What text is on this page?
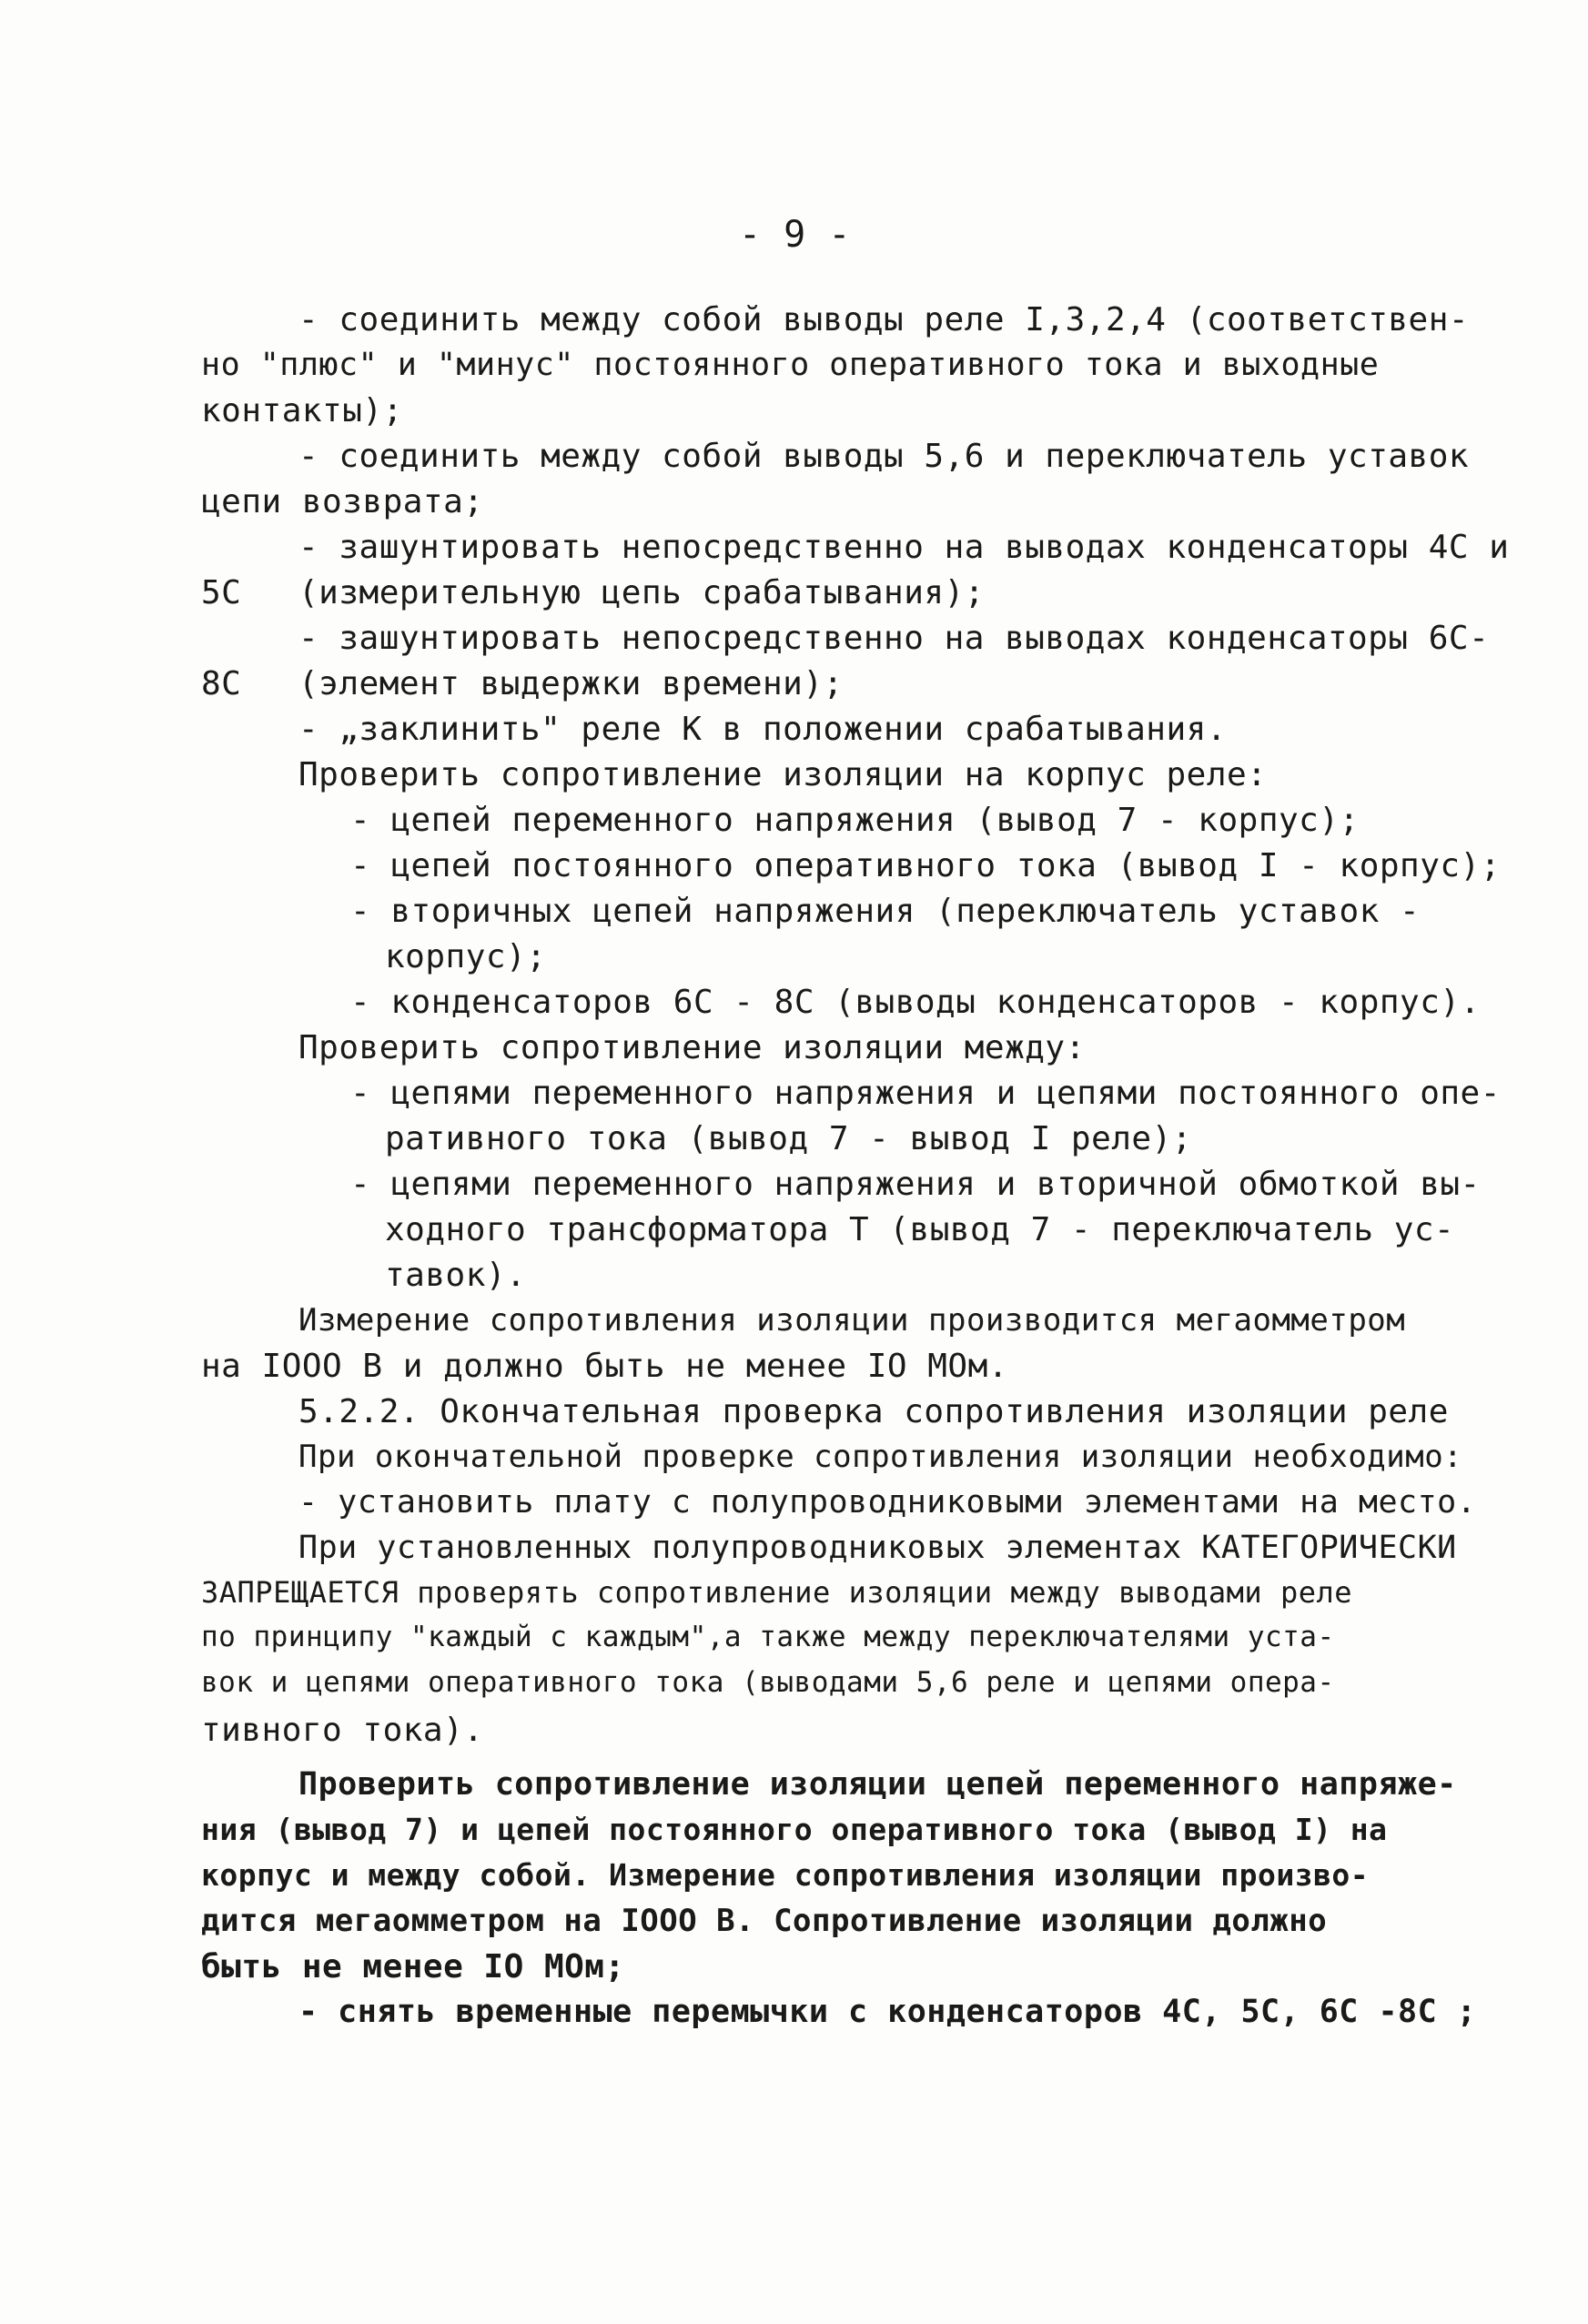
- 9 -
- соединить между собой выводы реле I,3,2,4 (соответствен-
но "плюс" и "минус" постоянного оперативного тока и выходные
контакты);
- соединить между собой выводы 5,6 и переключатель уставок
цепи возврата;
- зашунтировать непосредственно на выводах конденсаторы 4С и
5С (измерительную цепь срабатывания);
- зашунтировать непосредственно на выводах конденсаторы 6С-
8С (элемент выдержки времени);
- „заклинить" реле К в положении срабатывания.
Проверить сопротивление изоляции на корпус реле:
- цепей переменного напряжения (вывод 7 - корпус);
- цепей постоянного оперативного тока (вывод I - корпус);
- вторичных цепей напряжения (переключатель уставок -
корпус);
- конденсаторов 6С - 8С (выводы конденсаторов - корпус).
Проверить сопротивление изоляции между:
- цепями переменного напряжения и цепями постоянного опе-
ративного тока (вывод 7 - вывод I реле);
- цепями переменного напряжения и вторичной обмоткой вы-
ходного трансформатора Т (вывод 7 - переключатель ус-
тавок).
Измерение сопротивления изоляции производится мегаомметром
на IООО В и должно быть не менее IО МОм.
5.2.2. Окончательная проверка сопротивления изоляции реле
При окончательной проверке сопротивления изоляции необходимо:
- установить плату с полупроводниковыми элементами на место.
При установленных полупроводниковых элементах КАТЕГОРИЧЕСКИ
ЗАПРЕЩАЕТСЯ проверять сопротивление изоляции между выводами реле
по принципу "каждый с каждым",а также между переключателями уста-
вок и цепями оперативного тока (выводами 5,6 реле и цепями опера-
тивного тока).
Проверить сопротивление изоляции цепей переменного напряже-
ния (вывод 7) и цепей постоянного оперативного тока (вывод I) на
корпус и между собой. Измерение сопротивления изоляции произво-
дится мегаомметром на IООО В. Сопротивление изоляции должно
быть не менее IО МОм;
- снять временные перемычки с конденсаторов 4С, 5С, 6С -8С ;
